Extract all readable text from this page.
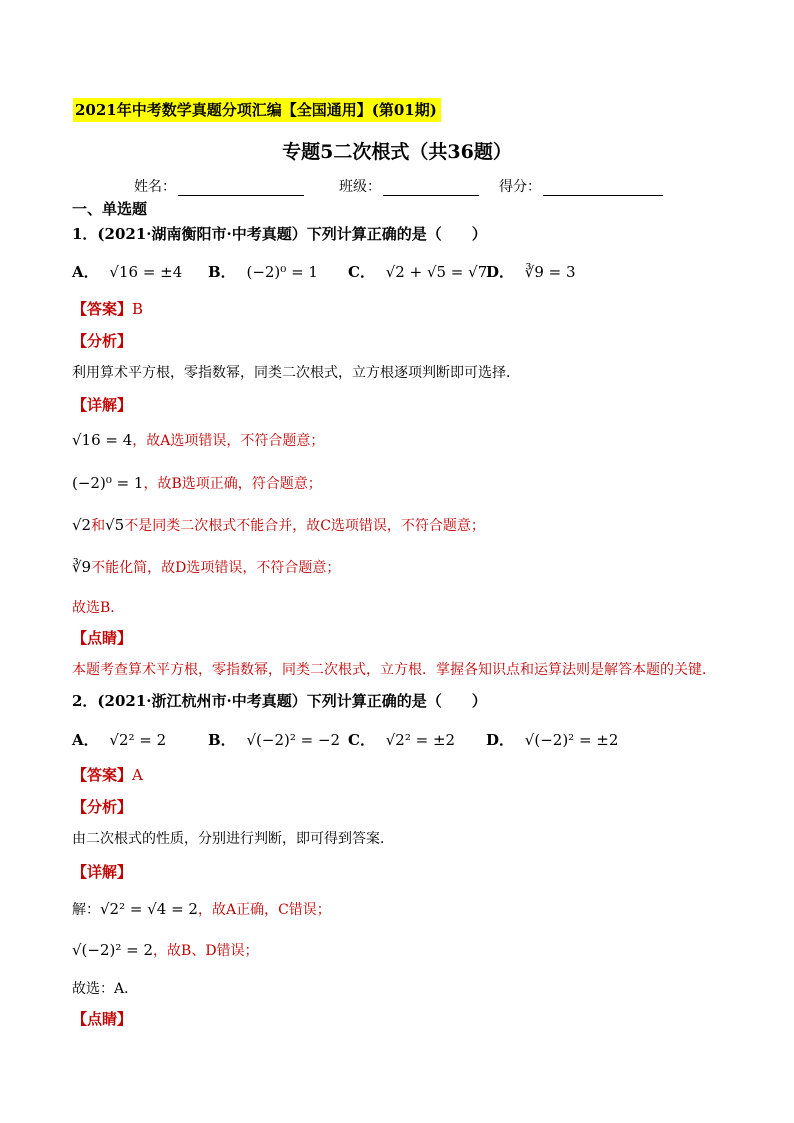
2021年中考数学真题分项汇编【全国通用】(第01期)
专题5二次根式（共36题）
姓名：	班级：	得分：
一、单选题
1．(2021·湖南衡阳市·中考真题）下列计算正确的是（　　）
A． √16 = ±4 B． (−2)⁰ = 1 C． √2 + √5 = √7
D． ∛9 = 3
【答案】B
【分析】
利用算术平方根，零指数幂，同类二次根式，立方根逐项判断即可选择．
【详解】
√16 = 4，故A选项错误，不符合题意；
(−2)⁰ = 1，故B选项正确，符合题意；
√2和√5不是同类二次根式不能合并，故C选项错误，不符合题意；
∛9不能化简，故D选项错误，不符合题意；
故选B．
【点睛】
本题考查算术平方根，零指数幂，同类二次根式，立方根．掌握各知识点和运算法则是解答本题的关键．
2．(2021·浙江杭州市·中考真题）下列计算正确的是（　　）
A． √2² = 2	B． √(−2)² = −2 C． √2² = ±2 D． √(−2)² = ±2
【答案】A
【分析】
由二次根式的性质，分别进行判断，即可得到答案．
【详解】
解：√2² = √4 = 2，故A正确，C错误；
√(−2)² = 2，故B、D错误；
故选：A．
【点睛】
